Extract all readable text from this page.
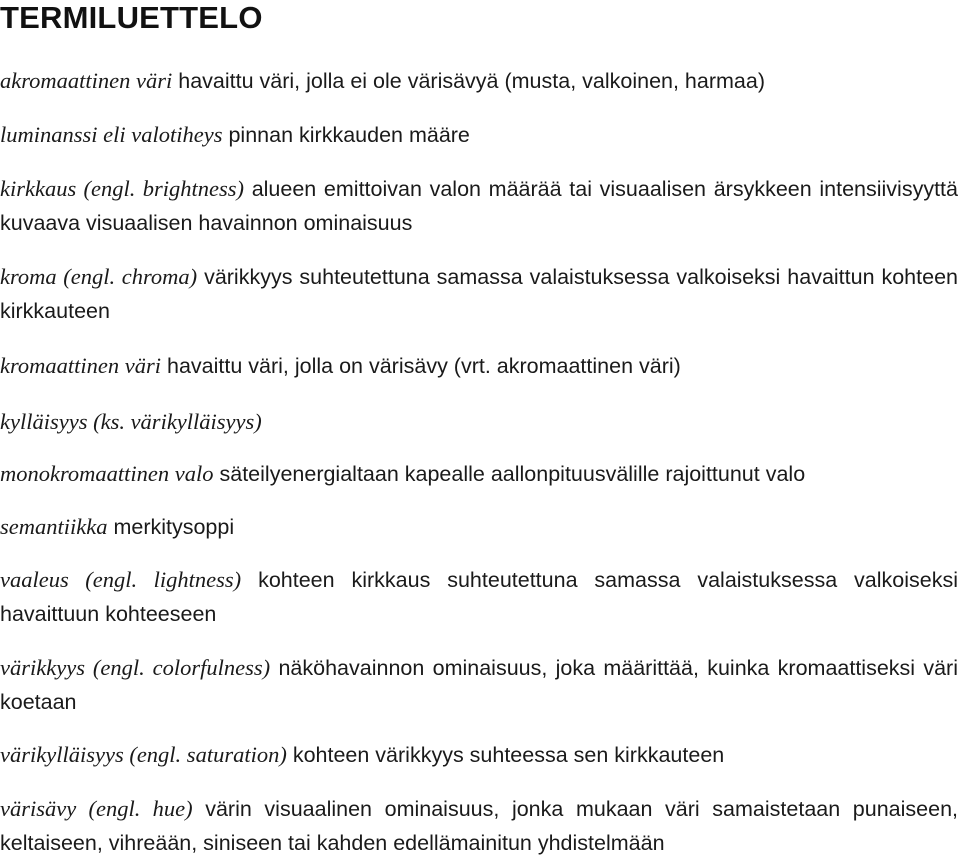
TERMILUETTELO

akromaattinen väri havaittu väri, jolla ei ole värisävyä (musta, valkoinen, harmaa)

luminanssi eli valotiheys pinnan kirkkauden määre

kirkkaus (engl. brightness) alueen emittoivan valon määrää tai visuaalisen ärsykkeen intensiivisyyttä kuvaava visuaalisen havainnon ominaisuus

kroma (engl. chroma) värikkyys suhteutettuna samassa valaistuksessa valkoiseksi havaittun kohteen kirkkauteen

kromaattinen väri havaittu väri, jolla on värisävy (vrt. akromaattinen väri)

kylläisyys (ks. värikylläisyys)

monokromaattinen valo säteilyenergialtaan kapealle aallonpituusvälille rajoittunut valo

semantiikka merkitysoppi

vaaleus (engl. lightness) kohteen kirkkaus suhteutettuna samassa valaistuksessa valkoiseksi havaittuun kohteeseen

värikkyys (engl. colorfulness) näköhavainnon ominaisuus, joka määrittää, kuinka kromaattiseksi väri koetaan

värikylläisyys (engl. saturation) kohteen värikkyys suhteessa sen kirkkauteen

värisävy (engl. hue) värin visuaalinen ominaisuus, jonka mukaan väri samaistetaan punaiseen, keltaiseen, vihreään, siniseen tai kahden edellämainitun yhdistelmään
